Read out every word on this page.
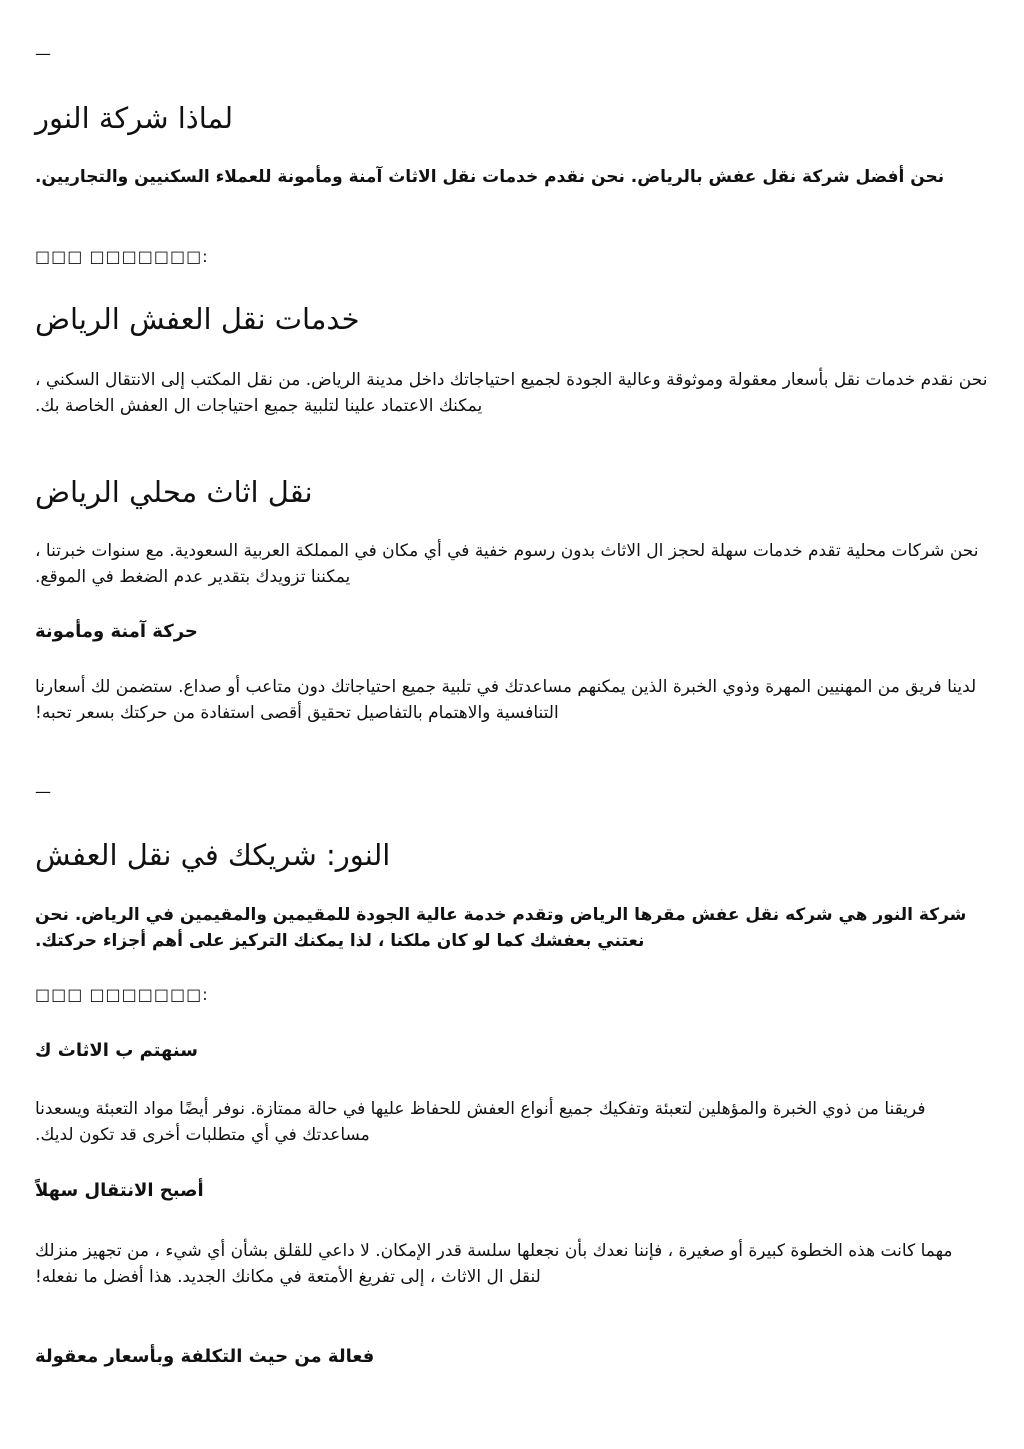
—
لماذا شركة النور

نحن أفضل شركة نقل عفش بالرياض. نحن نقدم خدمات نقل الاثاث آمنة ومأمونة للعملاء السكنيين والتجاريين.

□□□ □□□□□□□:
خدمات نقل العفش الرياض

نحن نقدم خدمات نقل بأسعار معقولة وموثوقة وعالية الجودة لجميع احتياجاتك داخل مدينة الرياض. من نقل المكتب إلى الانتقال السكني ، يمكنك الاعتماد علينا لتلبية جميع احتياجات ال العفش الخاصة بك.

نقل اثاث محلي الرياض

نحن شركات محلية تقدم خدمات سهلة لحجز ال الاثاث بدون رسوم خفية في أي مكان في المملكة العربية السعودية. مع سنوات خبرتنا ، يمكننا تزويدك بتقدير عدم الضغط في الموقع.

حركة آمنة ومأمونة

لدينا فريق من المهنيين المهرة وذوي الخبرة الذين يمكنهم مساعدتك في تلبية جميع احتياجاتك دون متاعب أو صداع. ستضمن لك أسعارنا التنافسية والاهتمام بالتفاصيل تحقيق أقصى استفادة من حركتك بسعر تحبه!

—
النور: شريكك في نقل العفش

شركة النور هي شركه نقل عفش مقرها الرياض وتقدم خدمة عالية الجودة للمقيمين والمقيمين في الرياض. نحن نعتني بعفشك كما لو كان ملكنا ، لذا يمكنك التركيز على أهم أجزاء حركتك.

□□□ □□□□□□□:
سنهتم ب الاثاث ك

فريقنا من ذوي الخبرة والمؤهلين لتعبئة وتفكيك جميع أنواع العفش للحفاظ عليها في حالة ممتازة. نوفر أيضًا مواد التعبئة ويسعدنا مساعدتك في أي متطلبات أخرى قد تكون لديك.

أصبح الانتقال سهلاً

مهما كانت هذه الخطوة كبيرة أو صغيرة ، فإننا نعدك بأن نجعلها سلسة قدر الإمكان. لا داعي للقلق بشأن أي شيء ، من تجهيز منزلك لنقل ال الاثاث ، إلى تفريغ الأمتعة في مكانك الجديد. هذا أفضل ما نفعله!

فعالة من حيث التكلفة وبأسعار معقولة
